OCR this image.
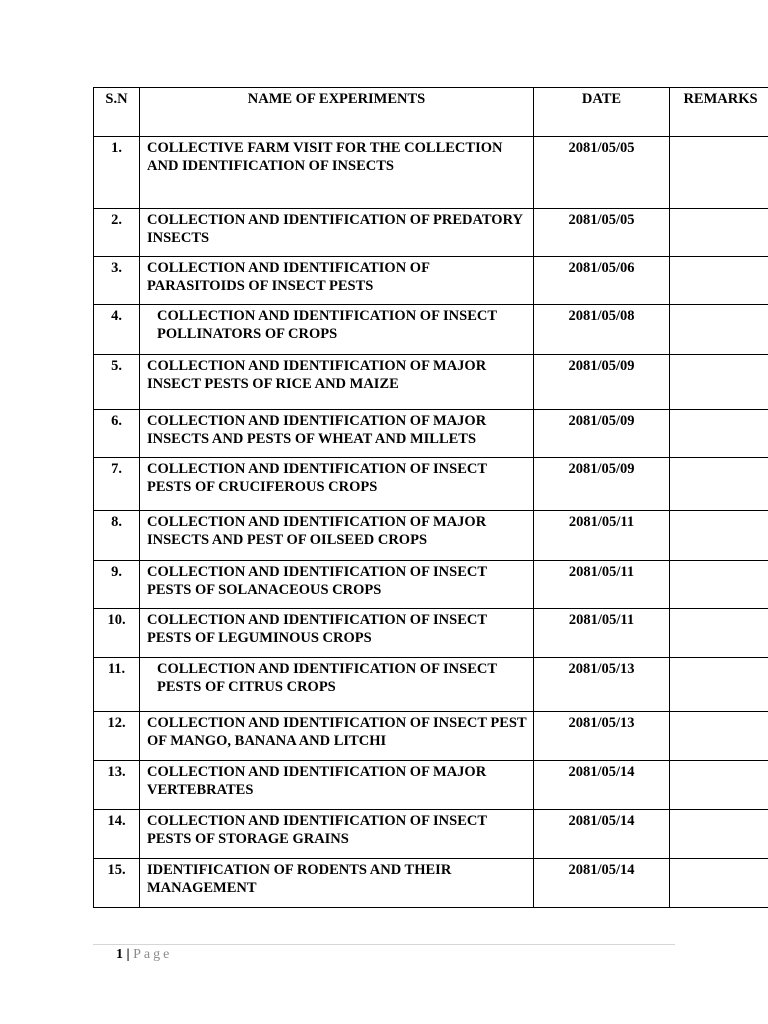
S.N	NAME OF EXPERIMENTS	DATE	REMARKS
1.	COLLECTIVE FARM VISIT FOR THE COLLECTION AND IDENTIFICATION OF INSECTS	2081/05/05	
2.	COLLECTION AND IDENTIFICATION OF PREDATORY INSECTS	2081/05/05	
3.	COLLECTION AND IDENTIFICATION OF PARASITOIDS OF INSECT PESTS	2081/05/06	
4.	COLLECTION AND IDENTIFICATION OF INSECT POLLINATORS OF CROPS	2081/05/08	
5.	COLLECTION AND IDENTIFICATION OF MAJOR INSECT PESTS OF RICE AND MAIZE	2081/05/09	
6.	COLLECTION AND IDENTIFICATION OF MAJOR INSECTS AND PESTS OF WHEAT AND MILLETS	2081/05/09	
7.	COLLECTION AND IDENTIFICATION OF INSECT PESTS OF CRUCIFEROUS CROPS	2081/05/09	
8.	COLLECTION AND IDENTIFICATION OF MAJOR INSECTS AND PEST OF OILSEED CROPS	2081/05/11	
9.	COLLECTION AND IDENTIFICATION OF INSECT PESTS OF SOLANACEOUS CROPS	2081/05/11	
10.	COLLECTION AND IDENTIFICATION OF INSECT PESTS OF LEGUMINOUS CROPS	2081/05/11	
11.	COLLECTION AND IDENTIFICATION OF INSECT PESTS OF CITRUS CROPS	2081/05/13	
12.	COLLECTION AND IDENTIFICATION OF INSECT PEST OF MANGO, BANANA AND LITCHI	2081/05/13	
13.	COLLECTION AND IDENTIFICATION OF MAJOR VERTEBRATES	2081/05/14	
14.	COLLECTION AND IDENTIFICATION OF INSECT PESTS OF STORAGE GRAINS	2081/05/14	
15.	IDENTIFICATION OF RODENTS AND THEIR MANAGEMENT	2081/05/14	
1 | Page
